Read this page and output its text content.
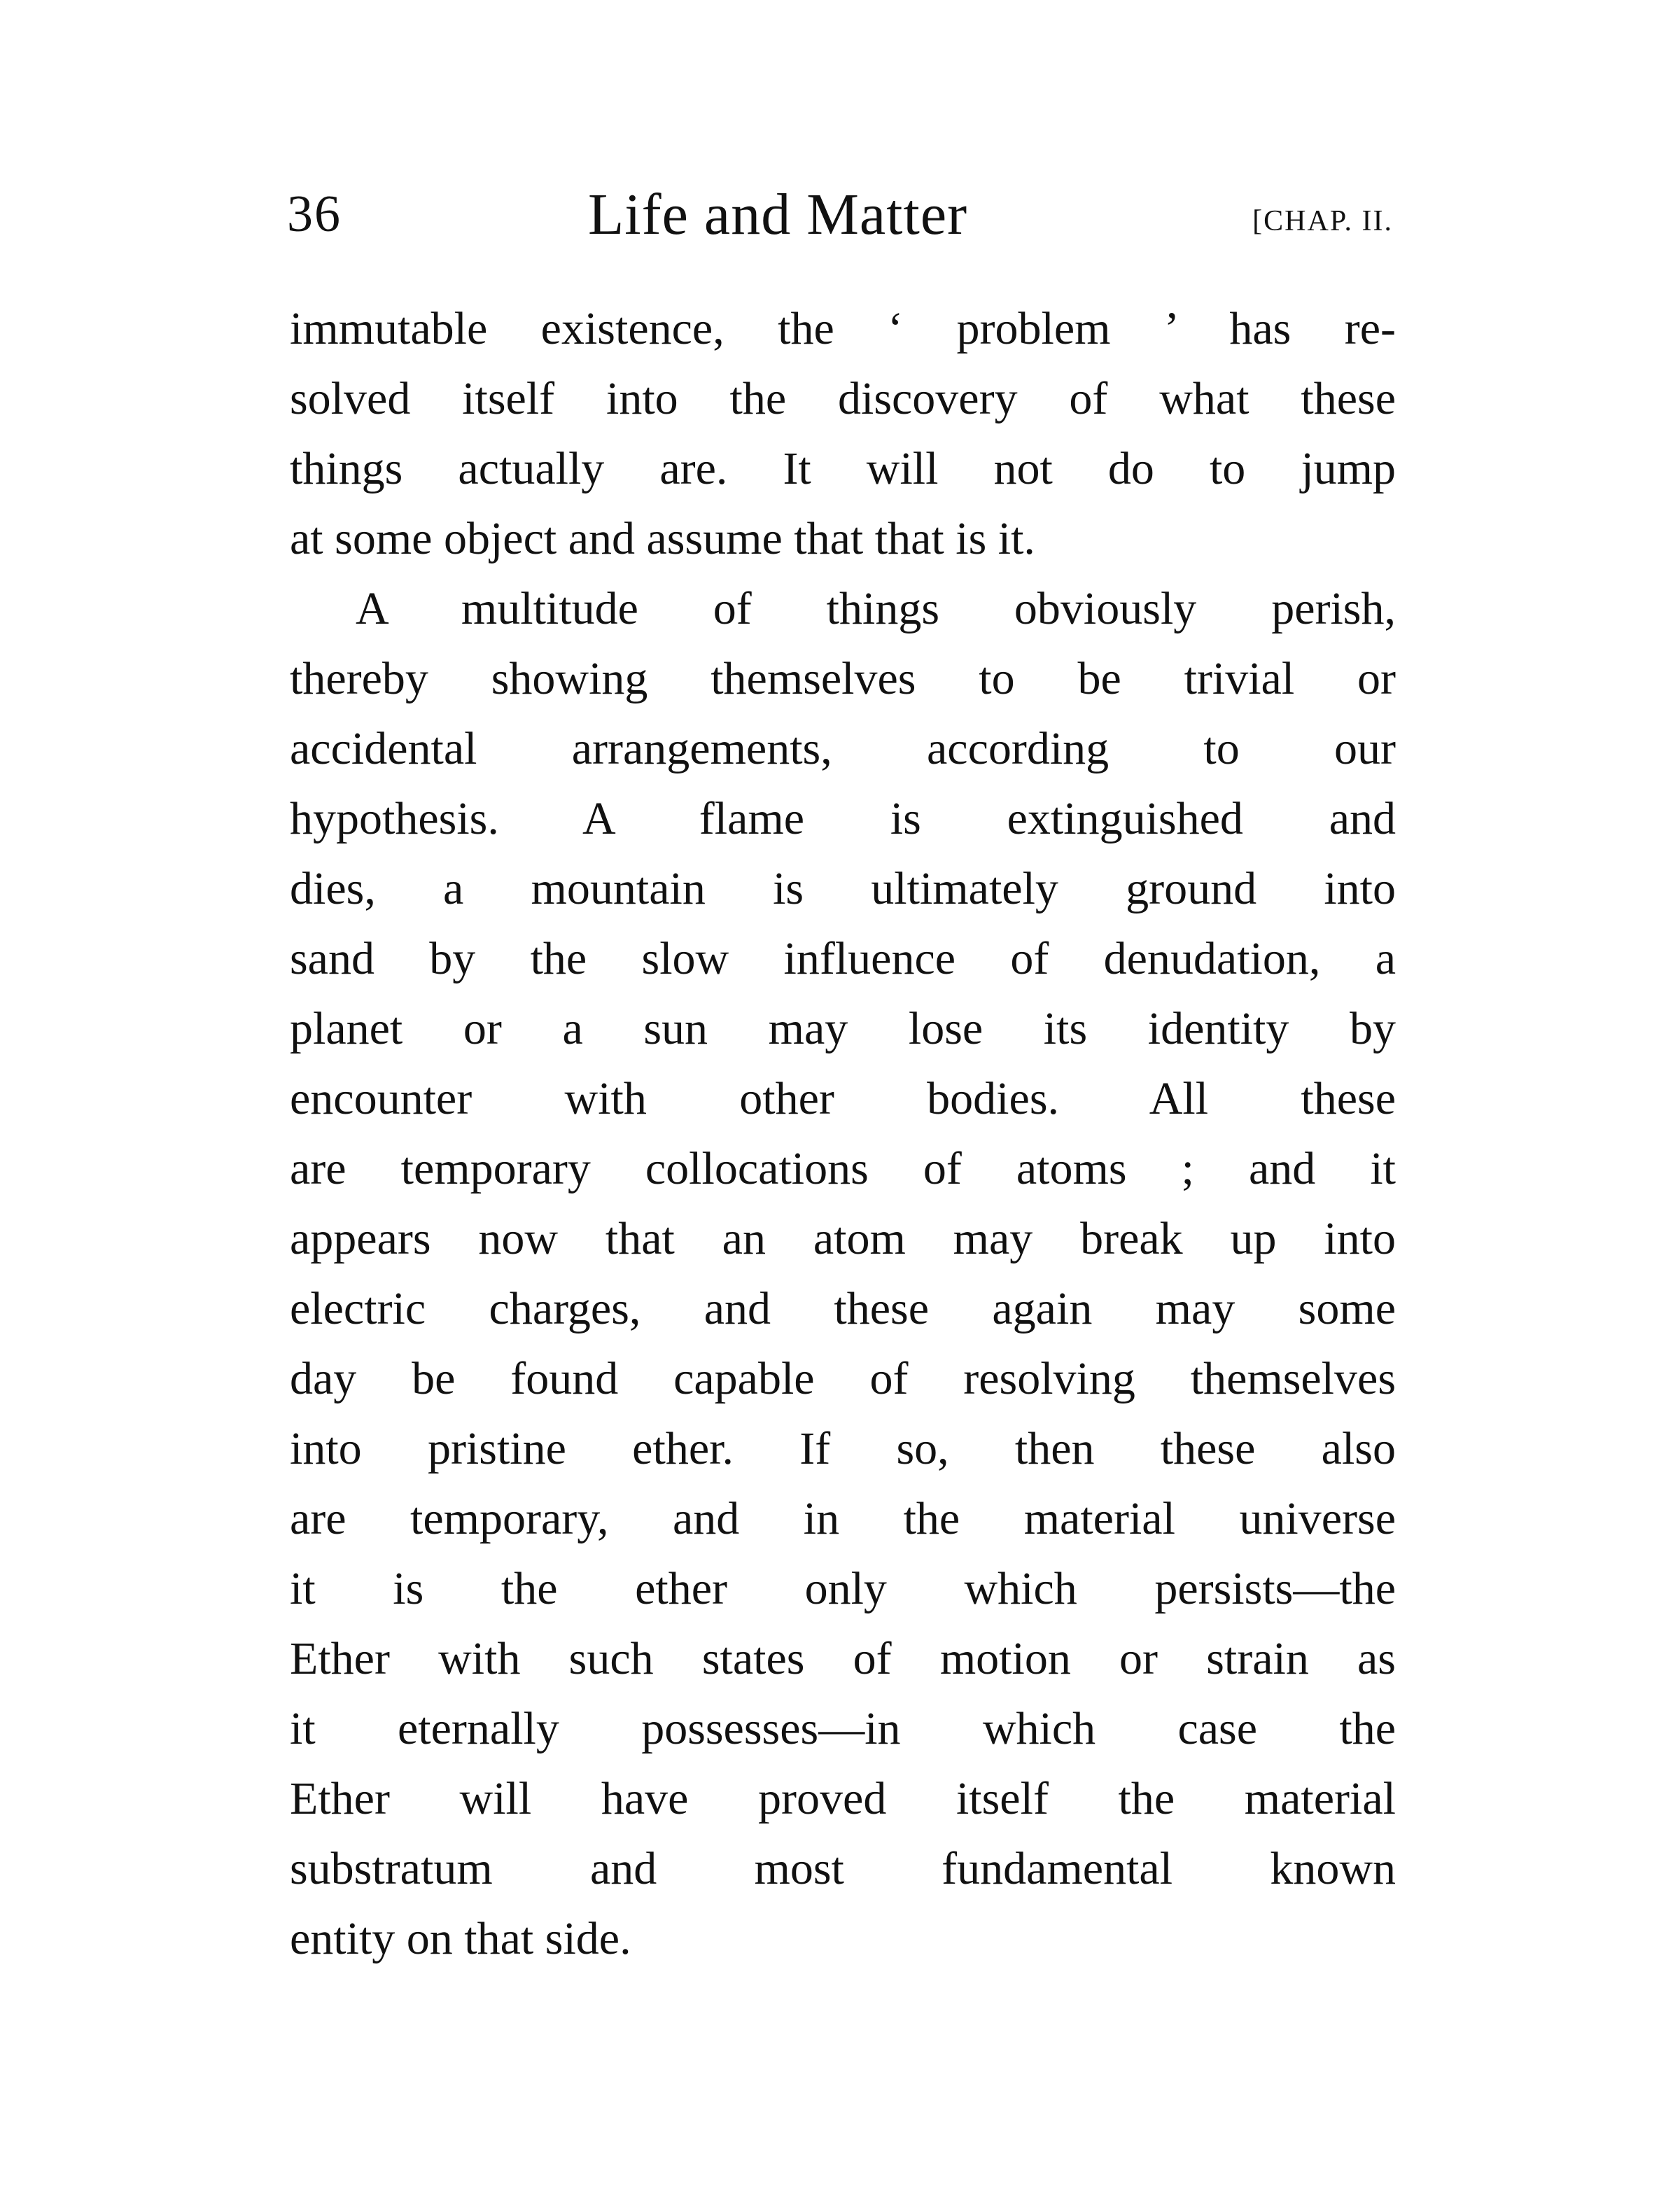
36	Life and Matter	[CHAP. II.
immutable existence, the ‘ problem ’ has re-
solved itself into the discovery of what these
things actually are. It will not do to jump
at some object and assume that that is it.
A multitude of things obviously perish,
thereby showing themselves to be trivial or
accidental arrangements, according to our
hypothesis. A flame is extinguished and
dies, a mountain is ultimately ground into
sand by the slow influence of denudation, a
planet or a sun may lose its identity by
encounter with other bodies. All these
are temporary collocations of atoms ; and it
appears now that an atom may break up into
electric charges, and these again may some
day be found capable of resolving themselves
into pristine ether. If so, then these also
are temporary, and in the material universe
it is the ether only which persists—the
Ether with such states of motion or strain as
it eternally possesses—in which case the
Ether will have proved itself the material
substratum and most fundamental known
entity on that side.
